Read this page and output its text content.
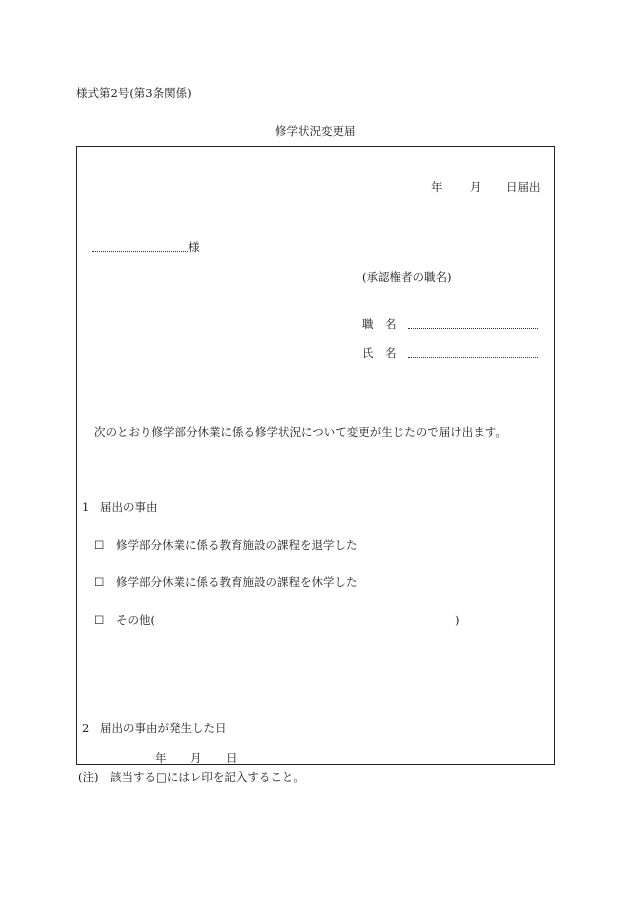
様式第2号(第3条関係)
修学状況変更届
年 月 日届出
様
(承認権者の職名)
職　名
氏　名
次のとおり修学部分休業に係る修学状況について変更が生じたので届け出ます。
1 届出の事由
☐ 修学部分休業に係る教育施設の課程を退学した
☐ 修学部分休業に係る教育施設の課程を休学した
☐ その他(	)
2 届出の事由が発生した日
年 月 日
(注)　該当する□にはレ印を記入すること。
